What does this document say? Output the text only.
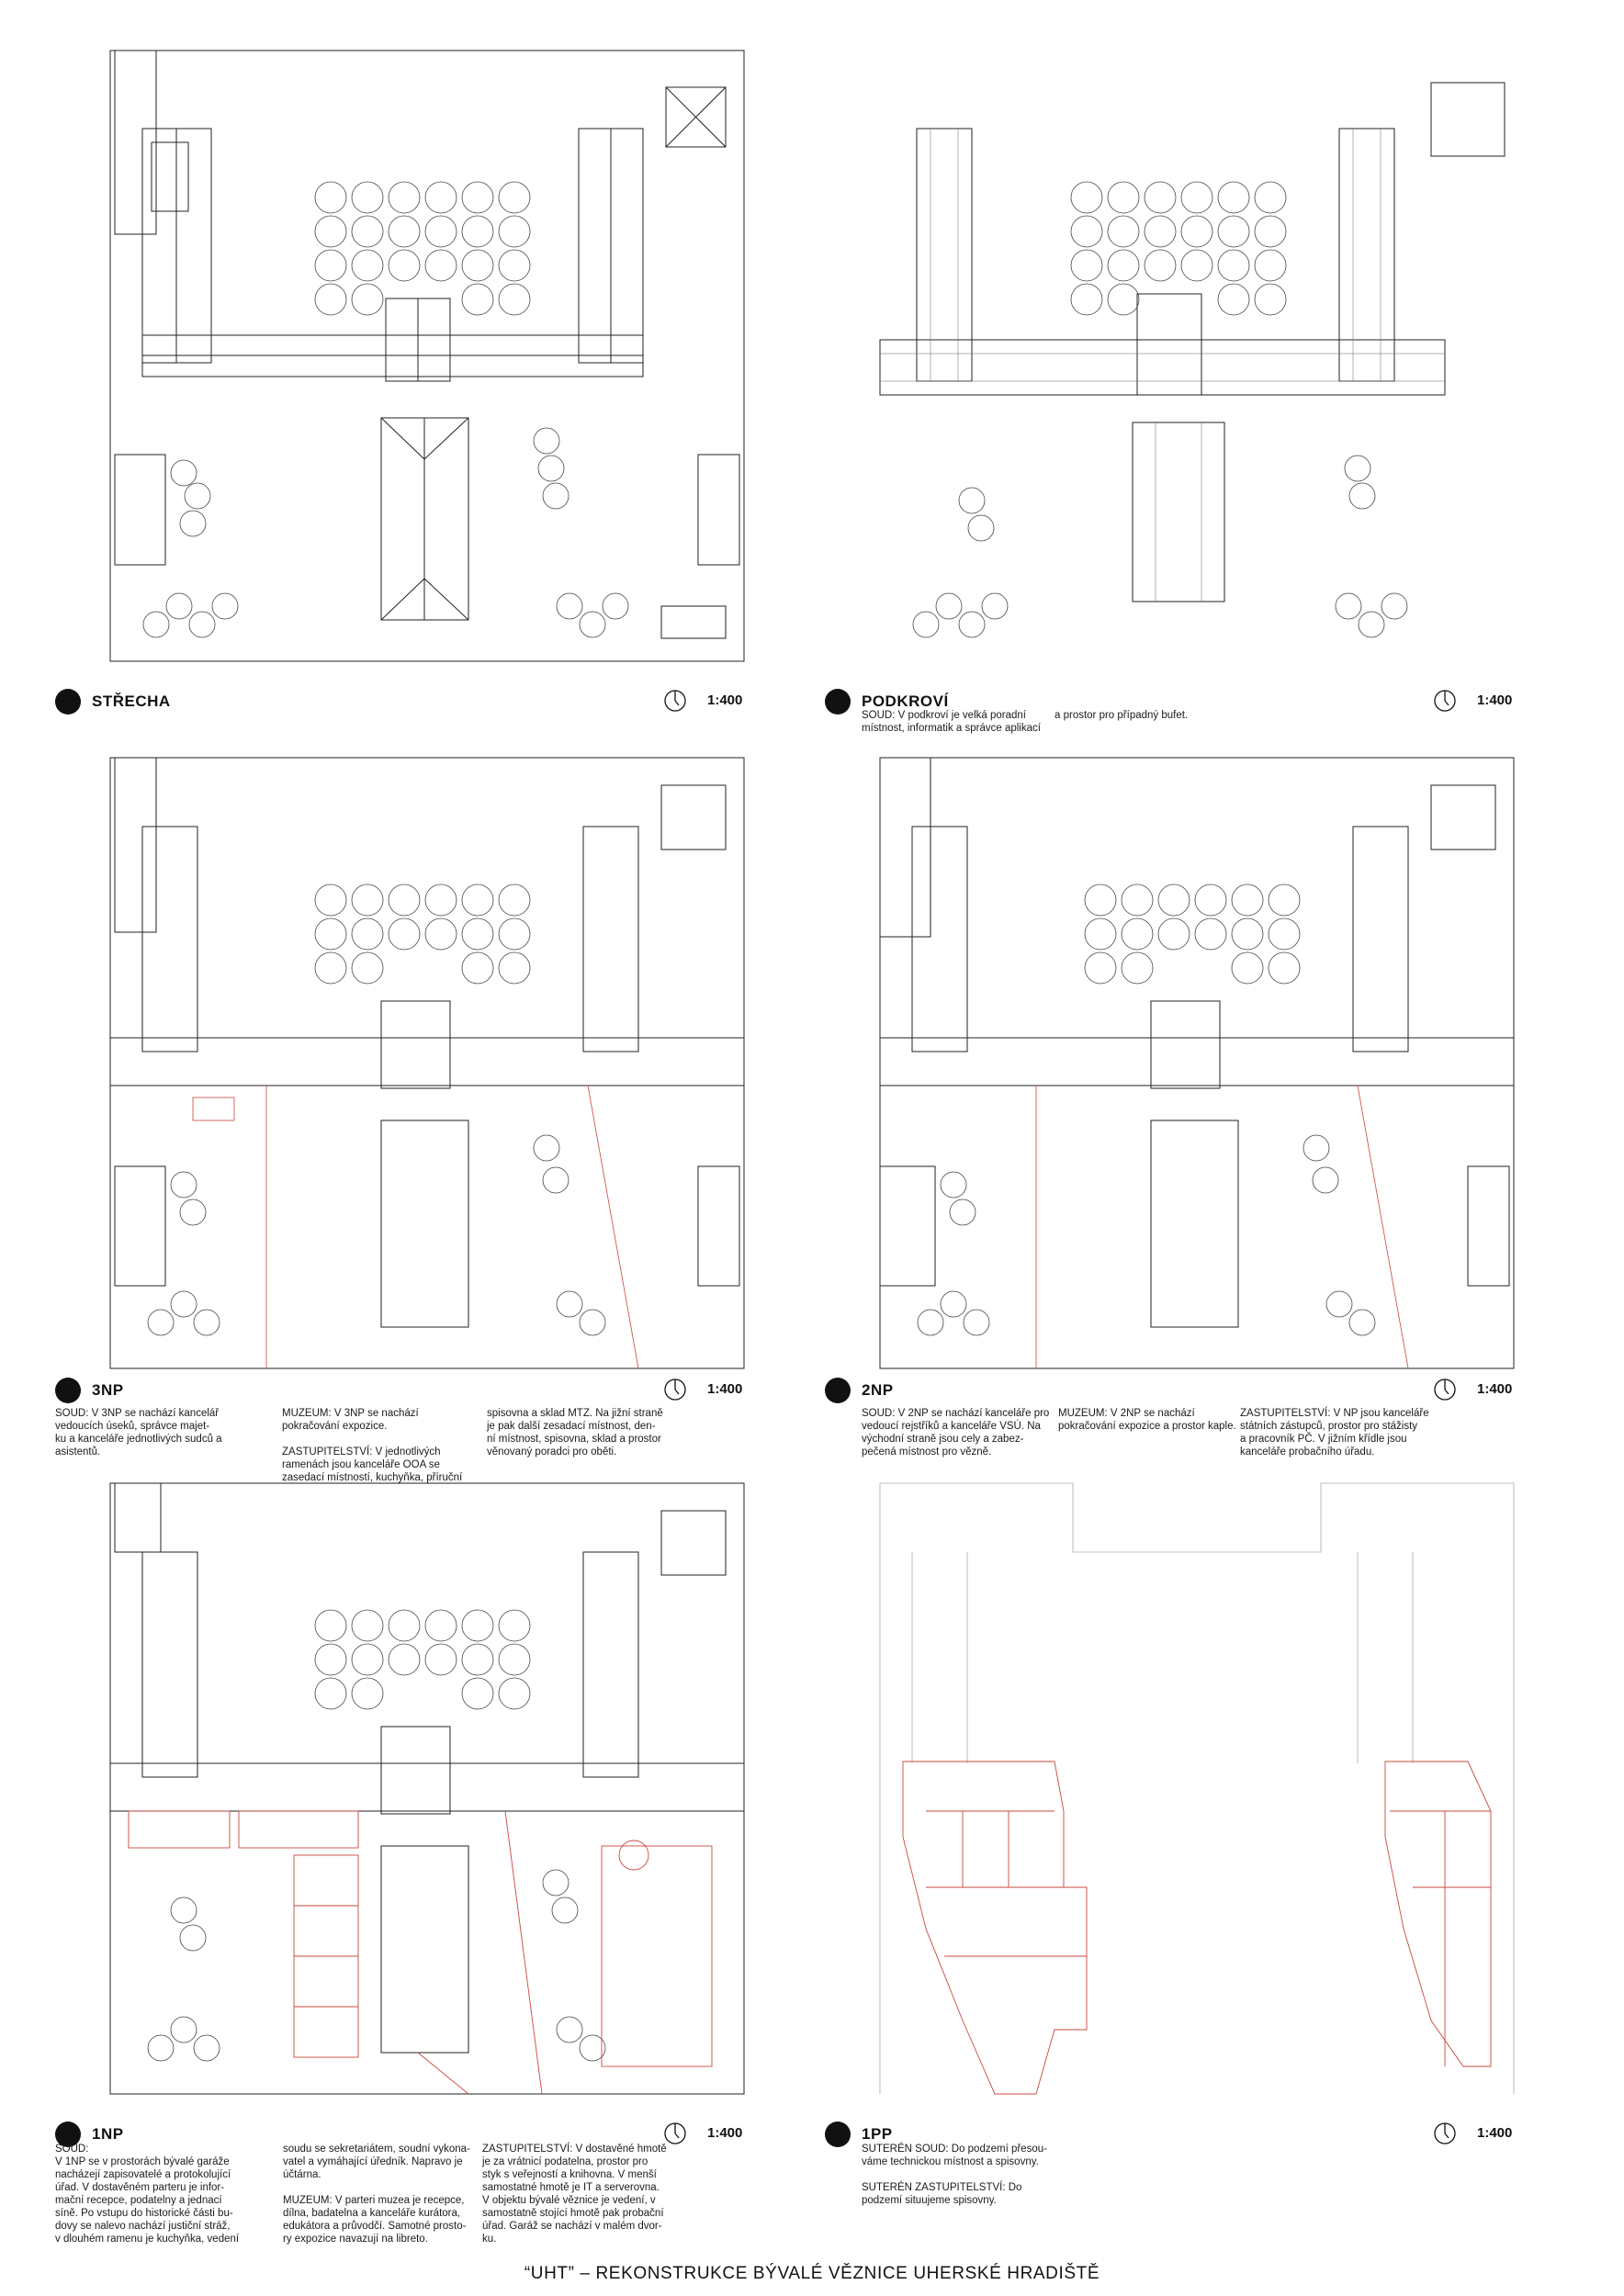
STŘECHA	1:400	PODKROVÍ	1:400
SOUD: V podkroví je velká poradní
místnost, informatik a správce aplikací
a prostor pro případný bufet.
3NP	1:400
SOUD: V 3NP se nachází kancelář
vedoucích úseků, správce majet-
ku a kanceláře jednotlivých sudců a
asistentů.
MUZEUM: V 3NP se nachází
pokračování expozice.

ZASTUPITELSTVÍ: V jednotlivých
ramenách jsou kanceláře OOA se
zasedací místností, kuchyňka, příruční
spisovna a sklad MTZ. Na jižní straně
je pak další zesadací místnost, den-
ní místnost, spisovna, sklad a prostor
věnovaný poradci pro oběti.
2NP	1:400
SOUD: V 2NP se nachází kanceláře pro
vedoucí rejstříků a kanceláře VSÚ. Na
východní straně jsou cely a zabez-
pečená místnost pro vězně.
MUZEUM: V 2NP se nachází
pokračování expozice a prostor kaple.
ZASTUPITELSTVÍ: V NP jsou kanceláře
státních zástupců, prostor pro stážisty
a pracovník PČ. V jižním křídle jsou
kanceláře probačního úřadu.
1NP	1:400
SOUD:
V 1NP se v prostorách bývalé garáže
nacházejí zapisovatelé a protokolující
úřad. V dostavěném parteru je infor-
mační recepce, podatelny a jednací
síně. Po vstupu do historické části bu-
dovy se nalevo nachází justiční stráž,
v dlouhém ramenu je kuchyňka, vedení
soudu se sekretariátem, soudní vykona-
vatel a vymáhající úředník. Napravo je
účtárna.

MUZEUM: V parteri muzea je recepce,
dílna, badatelna a kanceláře kurátora,
edukátora a průvodčí. Samotné prosto-
ry expozice navazují na libreto.
ZASTUPITELSTVÍ: V dostavěné hmotě
je za vrátnicí podatelna, prostor pro
styk s veřejností a knihovna. V menší
samostatné hmotě je IT a serverovna.
V objektu bývalé věznice je vedení, v
samostatně stojící hmotě pak probační
úřad. Garáž se nachází v malém dvor-
ku.
1PP	1:400
SUTERÉN SOUD: Do podzemí přesou-
váme technickou místnost a spisovny.

SUTERÉN ZASTUPITELSTVÍ: Do
podzemí situujeme spisovny.
“UHT” – REKONSTRUKCE BÝVALÉ VĚZNICE UHERSKÉ HRADIŠTĚ
